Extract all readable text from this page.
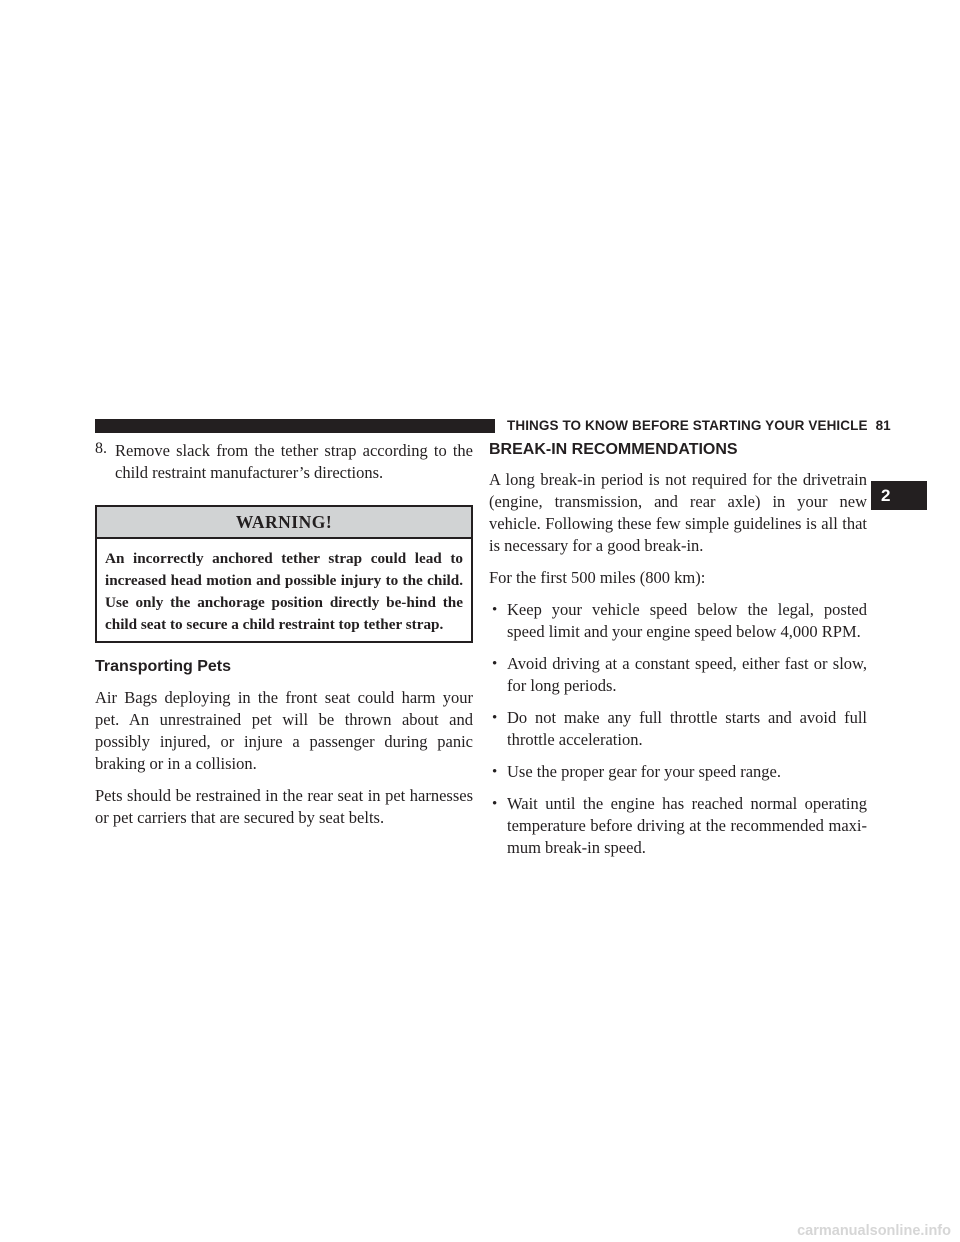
THINGS TO KNOW BEFORE STARTING YOUR VEHICLE 81
2
8. Remove slack from the tether strap according to the child restraint manufacturer’s directions.

WARNING!
An incorrectly anchored tether strap could lead to increased head motion and possible injury to the child. Use only the anchorage position directly be-hind the child seat to secure a child restraint top tether strap.
Transporting Pets

Air Bags deploying in the front seat could harm your pet. An unrestrained pet will be thrown about and possibly injured, or injure a passenger during panic braking or in a collision.

Pets should be restrained in the rear seat in pet harnesses or pet carriers that are secured by seat belts.

BREAK-IN RECOMMENDATIONS

A long break-in period is not required for the drivetrain (engine, transmission, and rear axle) in your new vehicle. Following these few simple guidelines is all that is necessary for a good break-in.

For the first 500 miles (800 km):

• Keep your vehicle speed below the legal, posted speed limit and your engine speed below 4,000 RPM.
• Avoid driving at a constant speed, either fast or slow, for long periods.
• Do not make any full throttle starts and avoid full throttle acceleration.
• Use the proper gear for your speed range.
• Wait until the engine has reached normal operating temperature before driving at the recommended maxi-mum break-in speed.
carmanualsonline.info
